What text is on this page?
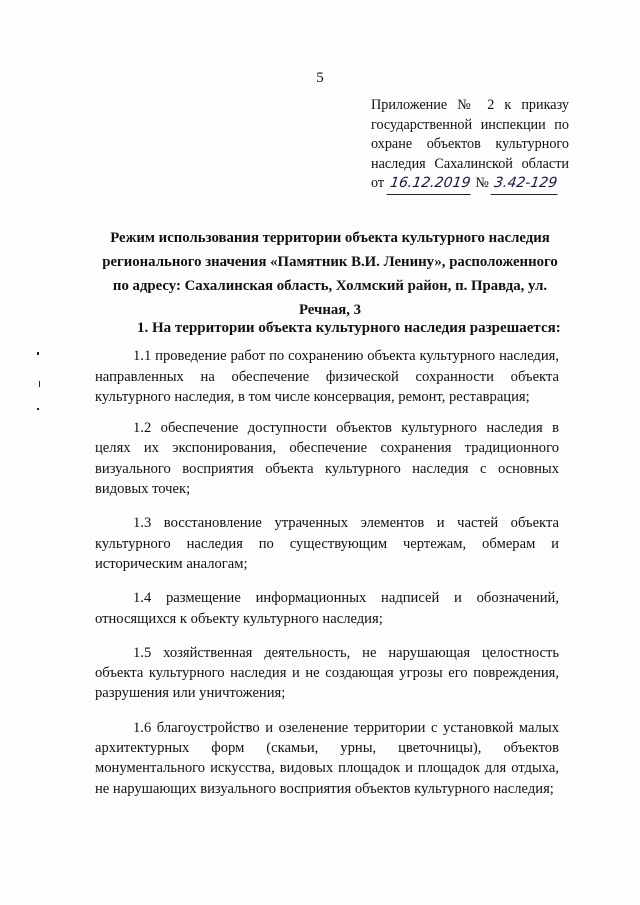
5
Приложение № 2 к приказу
государственной инспекции по
охране объектов культурного
наследия Сахалинской области
от 16.12.2019 № 3.42-129
Режим использования территории объекта культурного наследия регионального значения «Памятник В.И. Ленину», расположенного по адресу: Сахалинская область, Холмский район, п. Правда, ул. Речная, 3
1. На территории объекта культурного наследия разрешается:

1.1 проведение работ по сохранению объекта культурного наследия, направленных на обеспечение физической сохранности объекта культурного наследия, в том числе консервация, ремонт, реставрация;

1.2 обеспечение доступности объектов культурного наследия в целях их экспонирования, обеспечение сохранения традиционного визуального восприятия объекта культурного наследия с основных видовых точек;

1.3 восстановление утраченных элементов и частей объекта культурного наследия по существующим чертежам, обмерам и историческим аналогам;

1.4 размещение информационных надписей и обозначений, относящихся к объекту культурного наследия;

1.5 хозяйственная деятельность, не нарушающая целостность объекта культурного наследия и не создающая угрозы его повреждения, разрушения или уничтожения;

1.6 благоустройство и озеленение территории с установкой малых архитектурных форм (скамьи, урны, цветочницы), объектов монументального искусства, видовых площадок и площадок для отдыха, не нарушающих визуального восприятия объектов культурного наследия;
